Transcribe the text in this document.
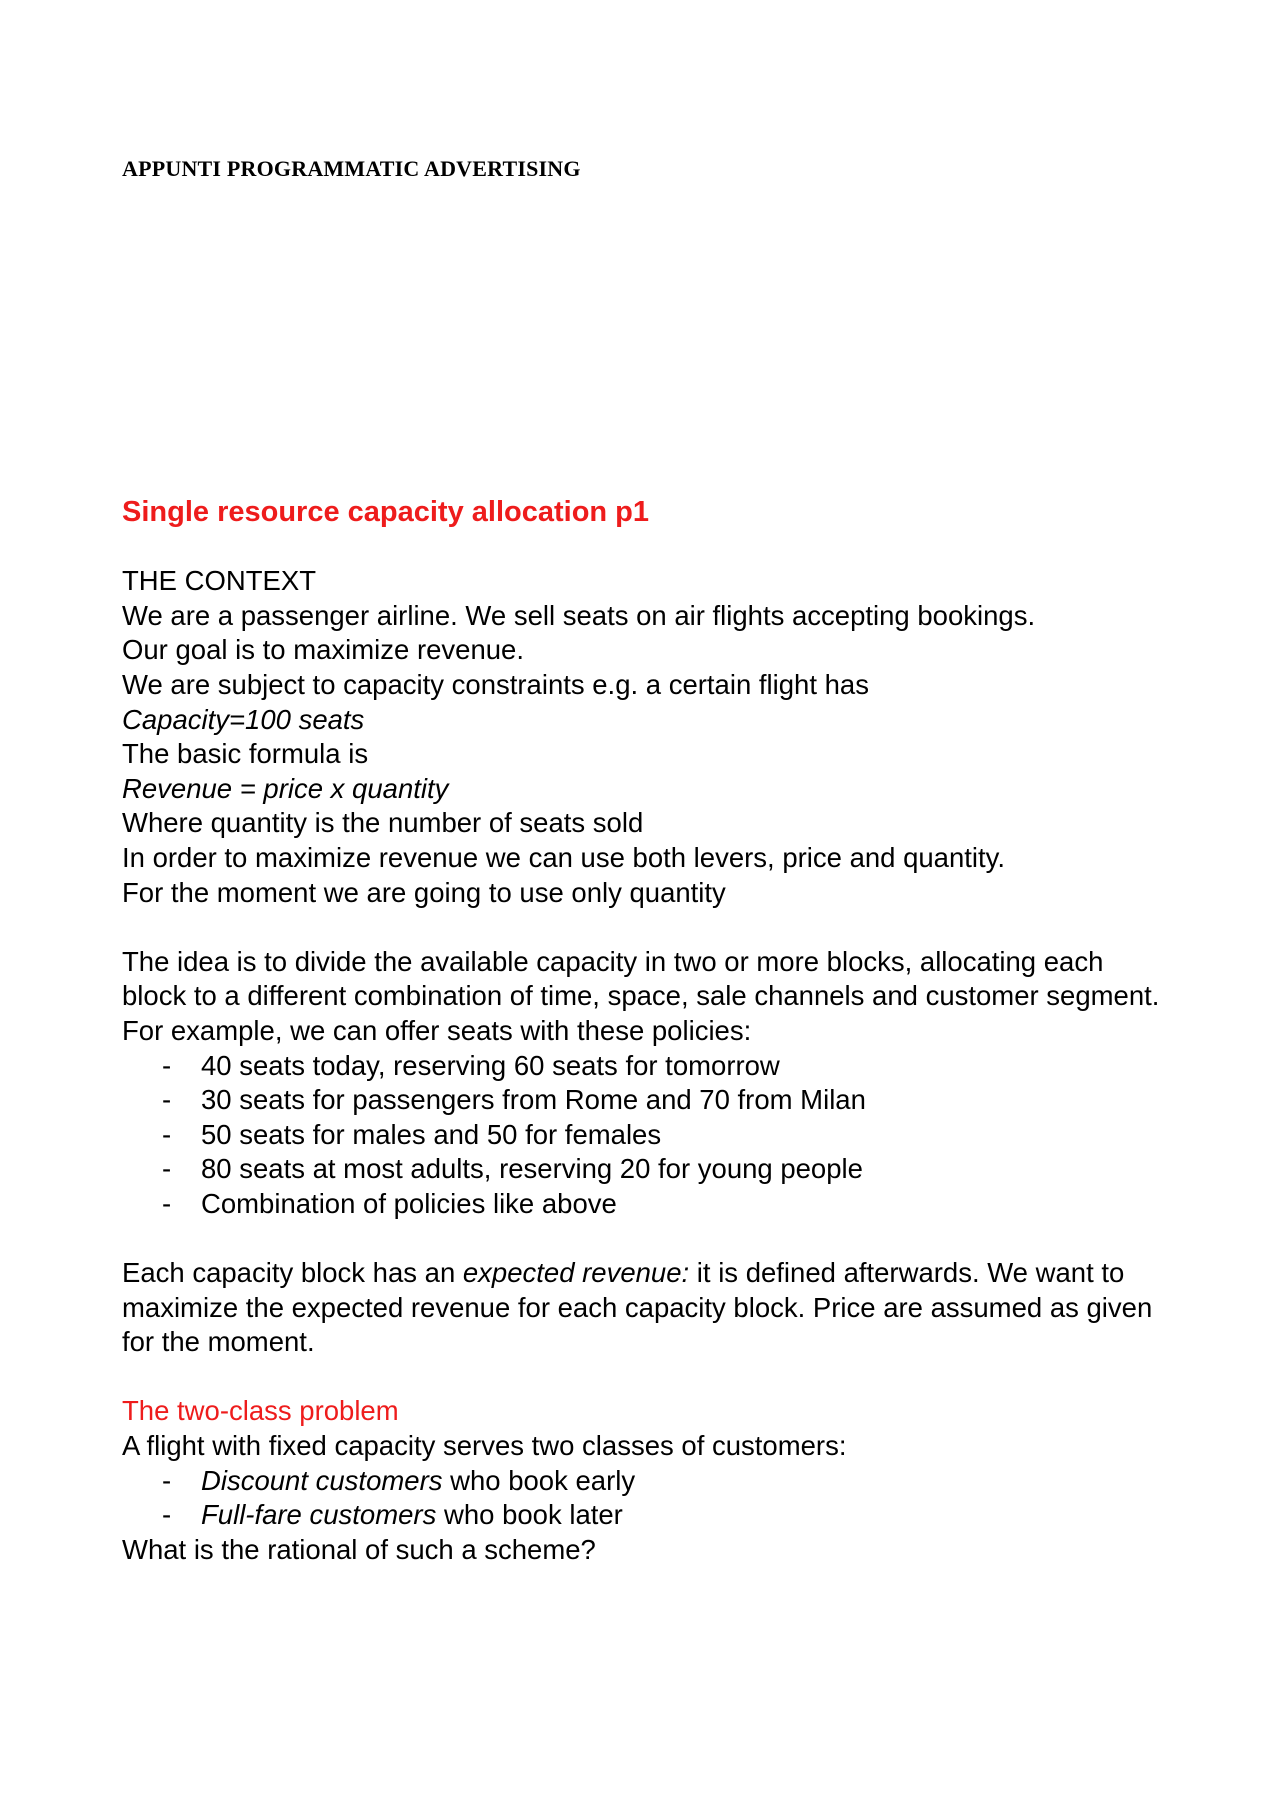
APPUNTI PROGRAMMATIC ADVERTISING
Single resource capacity allocation p1

THE CONTEXT

We are a passenger airline. We sell seats on air flights accepting bookings.

Our goal is to maximize revenue.

We are subject to capacity constraints e.g. a certain flight has

Capacity=100 seats

The basic formula is

Revenue = price x quantity

Where quantity is the number of seats sold

In order to maximize revenue we can use both levers, price and quantity.

For the moment we are going to use only quantity

The idea is to divide the available capacity in two or more blocks, allocating each block to a different combination of time, space, sale channels and customer segment.

For example, we can offer seats with these policies:

- 40 seats today, reserving 60 seats for tomorrow
- 30 seats for passengers from Rome and 70 from Milan
- 50 seats for males and 50 for females
- 80 seats at most adults, reserving 20 for young people
- Combination of policies like above

Each capacity block has an expected revenue: it is defined afterwards. We want to maximize the expected revenue for each capacity block. Price are assumed as given for the moment.

The two-class problem

A flight with fixed capacity serves two classes of customers:

- Discount customers who book early
- Full-fare customers who book later

What is the rational of such a scheme?
